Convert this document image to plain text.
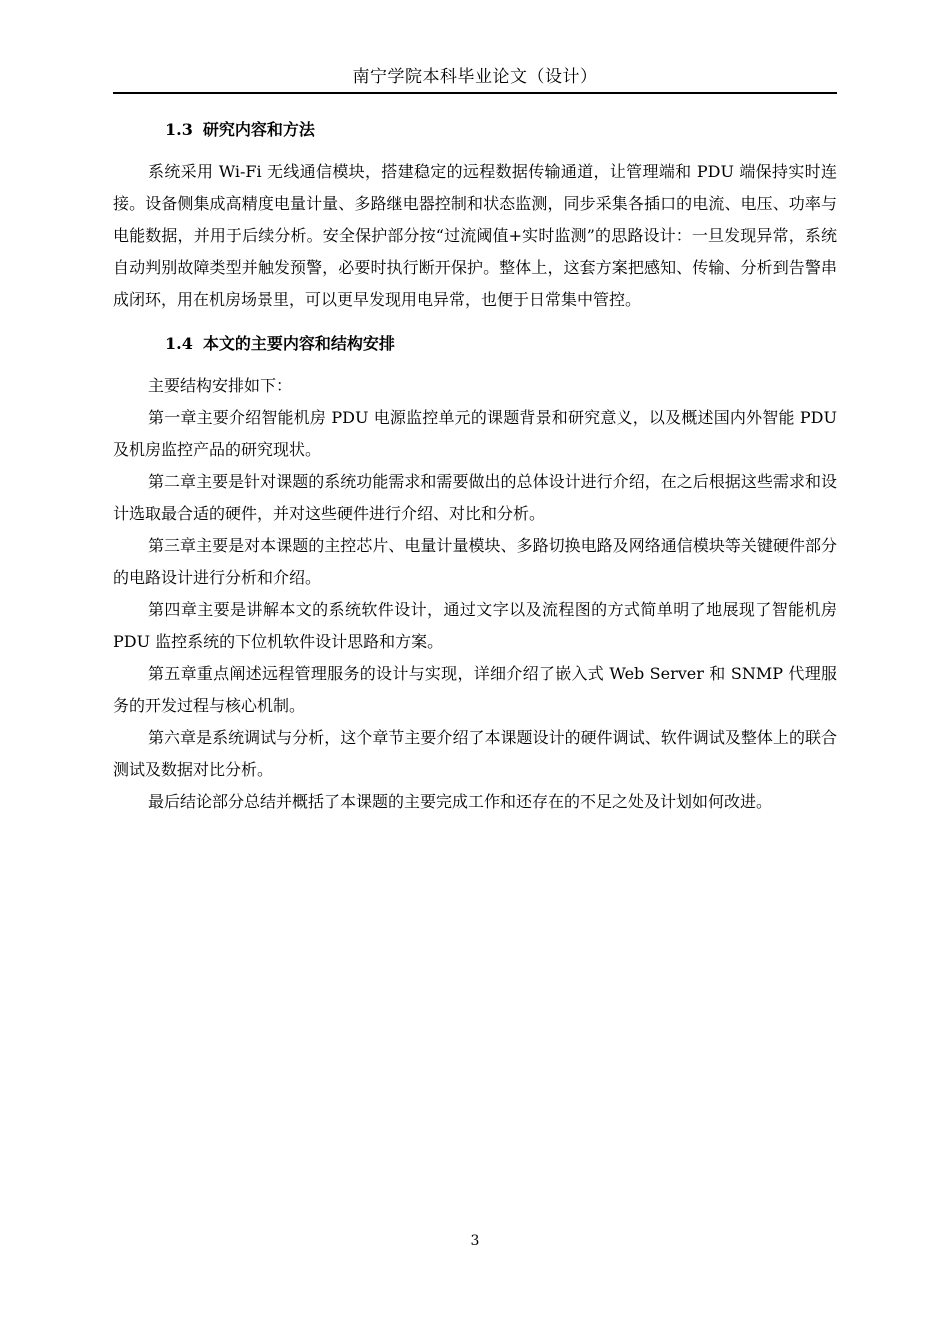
南宁学院本科毕业论文（设计）
1.3 研究内容和方法

系统采用 Wi-Fi 无线通信模块，搭建稳定的远程数据传输通道，让管理端和 PDU 端保持实时连接。设备侧集成高精度电量计量、多路继电器控制和状态监测，同步采集各插口的电流、电压、功率与电能数据，并用于后续分析。安全保护部分按“过流阈值+实时监测”的思路设计：一旦发现异常，系统自动判别故障类型并触发预警，必要时执行断开保护。整体上，这套方案把感知、传输、分析到告警串成闭环，用在机房场景里，可以更早发现用电异常，也便于日常集中管控。

1.4 本文的主要内容和结构安排

主要结构安排如下：

第一章主要介绍智能机房 PDU 电源监控单元的课题背景和研究意义，以及概述国内外智能 PDU 及机房监控产品的研究现状。

第二章主要是针对课题的系统功能需求和需要做出的总体设计进行介绍，在之后根据这些需求和设计选取最合适的硬件，并对这些硬件进行介绍、对比和分析。

第三章主要是对本课题的主控芯片、电量计量模块、多路切换电路及网络通信模块等关键硬件部分的电路设计进行分析和介绍。

第四章主要是讲解本文的系统软件设计，通过文字以及流程图的方式简单明了地展现了智能机房 PDU 监控系统的下位机软件设计思路和方案。

第五章重点阐述远程管理服务的设计与实现，详细介绍了嵌入式 Web Server 和 SNMP 代理服务的开发过程与核心机制。

第六章是系统调试与分析，这个章节主要介绍了本课题设计的硬件调试、软件调试及整体上的联合测试及数据对比分析。

最后结论部分总结并概括了本课题的主要完成工作和还存在的不足之处及计划如何改进。

3
